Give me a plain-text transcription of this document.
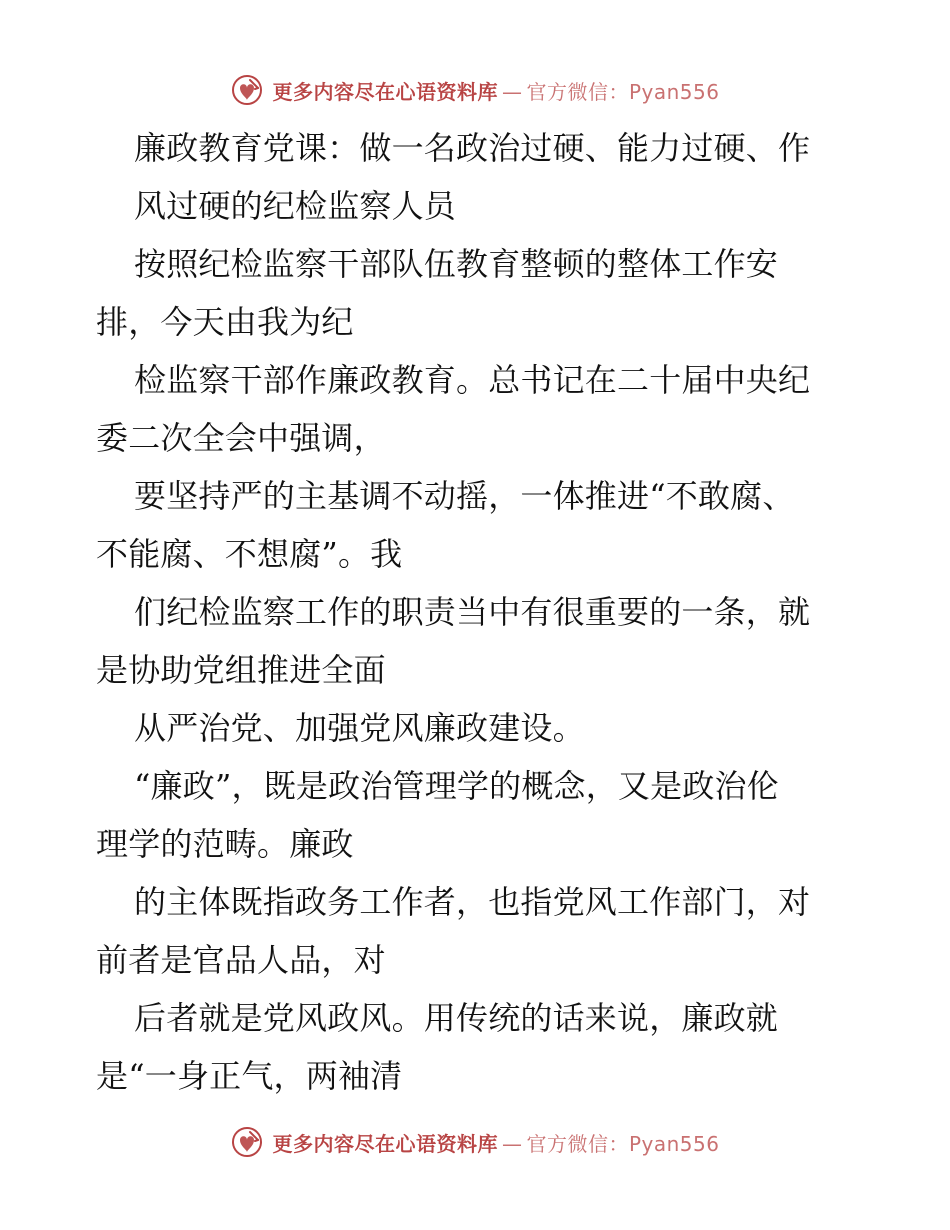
更多内容尽在心语资料库 — 官方微信：Pyan556
廉政教育党课：做一名政治过硬、能力过硬、作
风过硬的纪检监察人员
按照纪检监察干部队伍教育整顿的整体工作安
排，今天由我为纪
检监察干部作廉政教育。总书记在二十届中央纪
委二次全会中强调，
要坚持严的主基调不动摇，一体推进“不敢腐、
不能腐、不想腐”。我
们纪检监察工作的职责当中有很重要的一条，就
是协助党组推进全面
从严治党、加强党风廉政建设。
“廉政”，既是政治管理学的概念，又是政治伦
理学的范畴。廉政
的主体既指政务工作者，也指党风工作部门，对
前者是官品人品，对
后者就是党风政风。用传统的话来说，廉政就
是“一身正气，两袖清
更多内容尽在心语资料库 — 官方微信：Pyan556
